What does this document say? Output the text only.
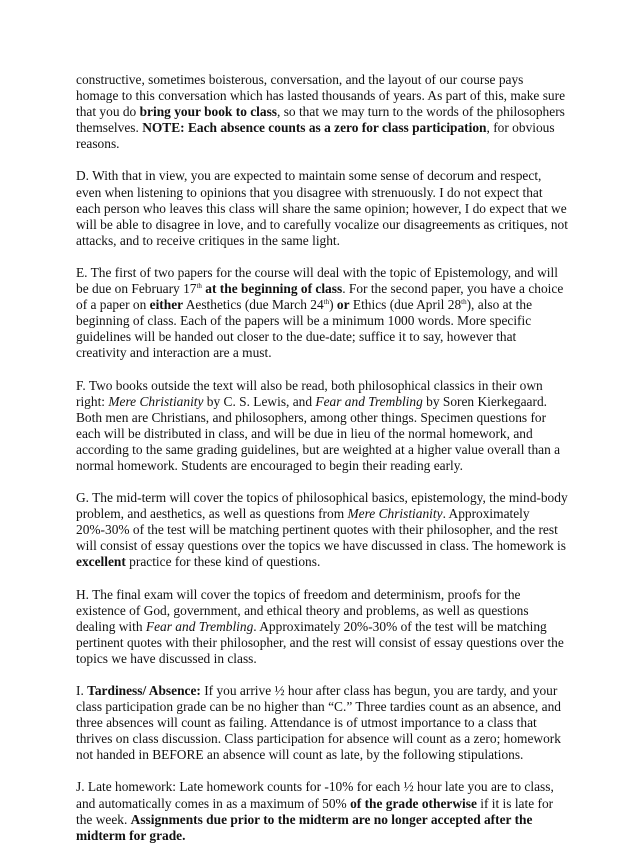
constructive, sometimes boisterous, conversation, and the layout of our course pays homage to this conversation which has lasted thousands of years. As part of this, make sure that you do bring your book to class, so that we may turn to the words of the philosophers themselves. NOTE: Each absence counts as a zero for class participation, for obvious reasons.

D. With that in view, you are expected to maintain some sense of decorum and respect, even when listening to opinions that you disagree with strenuously. I do not expect that each person who leaves this class will share the same opinion; however, I do expect that we will be able to disagree in love, and to carefully vocalize our disagreements as critiques, not attacks, and to receive critiques in the same light.

E. The first of two papers for the course will deal with the topic of Epistemology, and will be due on February 17th at the beginning of class. For the second paper, you have a choice of a paper on either Aesthetics (due March 24th) or Ethics (due April 28th), also at the beginning of class. Each of the papers will be a minimum 1000 words. More specific guidelines will be handed out closer to the due-date; suffice it to say, however that creativity and interaction are a must.

F. Two books outside the text will also be read, both philosophical classics in their own right: Mere Christianity by C. S. Lewis, and Fear and Trembling by Soren Kierkegaard. Both men are Christians, and philosophers, among other things. Specimen questions for each will be distributed in class, and will be due in lieu of the normal homework, and according to the same grading guidelines, but are weighted at a higher value overall than a normal homework. Students are encouraged to begin their reading early.

G. The mid-term will cover the topics of philosophical basics, epistemology, the mind-body problem, and aesthetics, as well as questions from Mere Christianity. Approximately 20%-30% of the test will be matching pertinent quotes with their philosopher, and the rest will consist of essay questions over the topics we have discussed in class. The homework is excellent practice for these kind of questions.

H. The final exam will cover the topics of freedom and determinism, proofs for the existence of God, government, and ethical theory and problems, as well as questions dealing with Fear and Trembling. Approximately 20%-30% of the test will be matching pertinent quotes with their philosopher, and the rest will consist of essay questions over the topics we have discussed in class.

I. Tardiness/ Absence: If you arrive ½ hour after class has begun, you are tardy, and your class participation grade can be no higher than “C.” Three tardies count as an absence, and three absences will count as failing. Attendance is of utmost importance to a class that thrives on class discussion. Class participation for absence will count as a zero; homework not handed in BEFORE an absence will count as late, by the following stipulations.

J. Late homework: Late homework counts for -10% for each ½ hour late you are to class, and automatically comes in as a maximum of 50% of the grade otherwise if it is late for the week. Assignments due prior to the midterm are no longer accepted after the midterm for grade.
